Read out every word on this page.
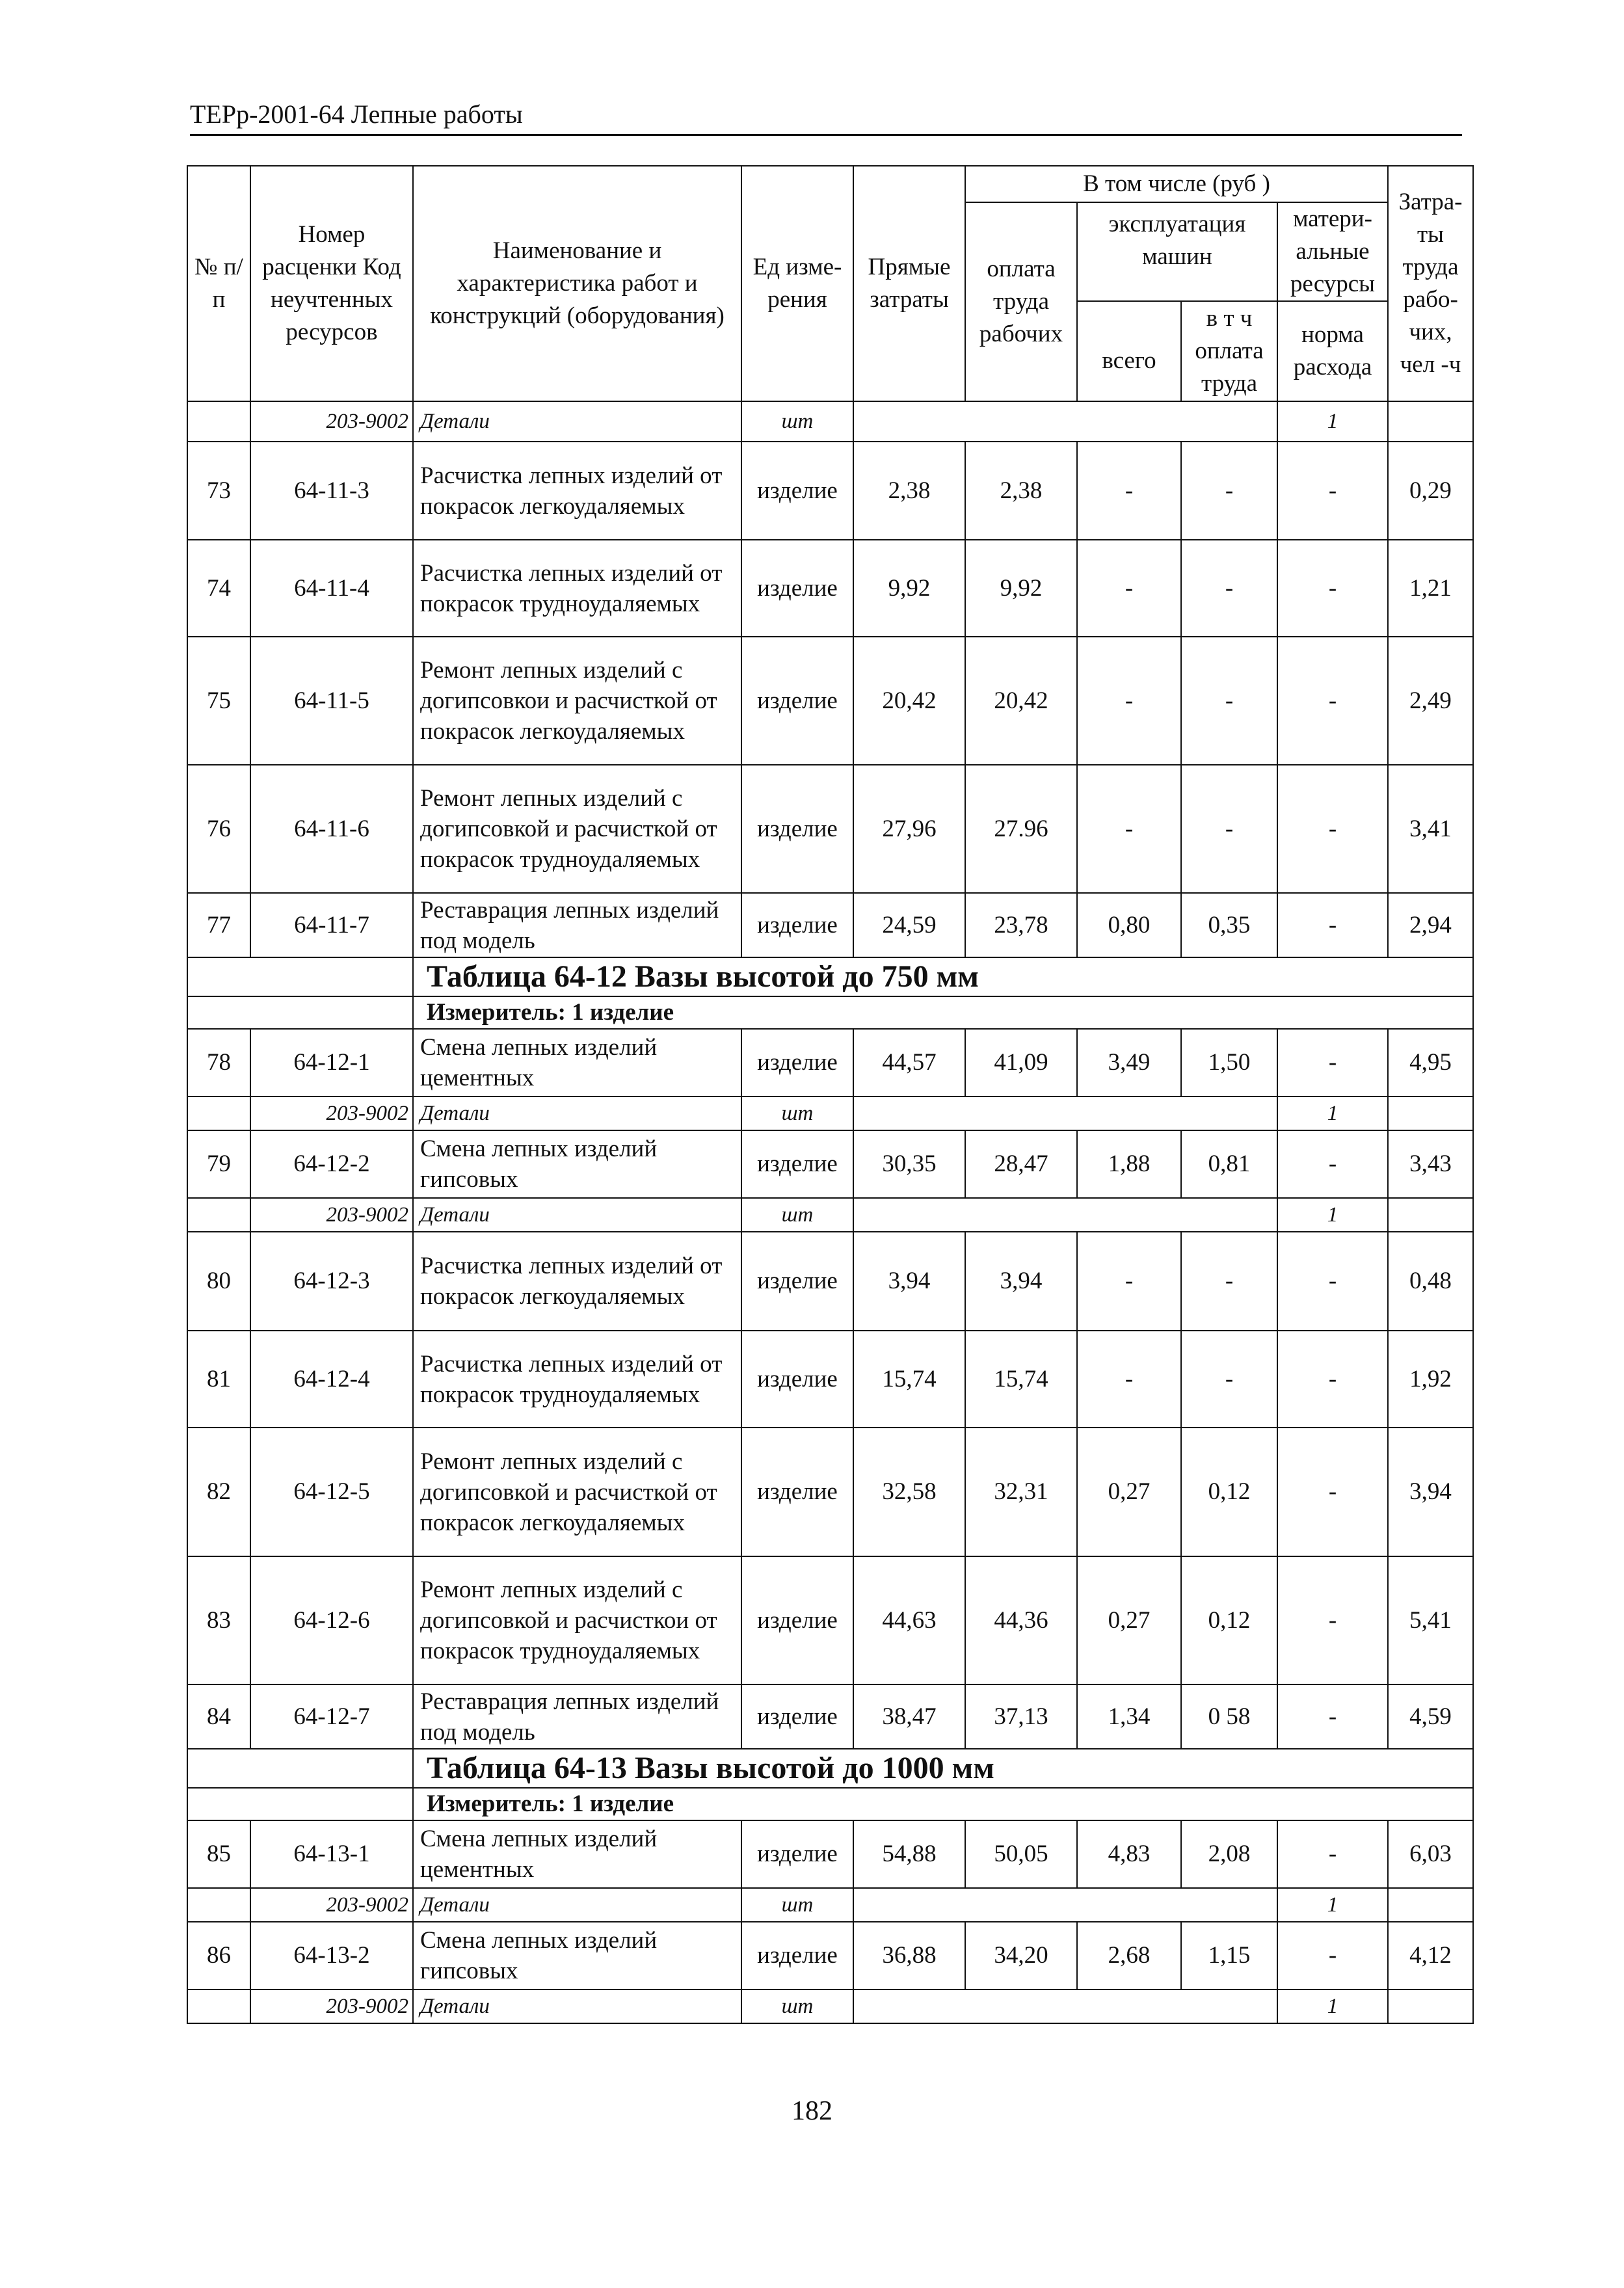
ТЕРр-2001-64 Лепные работы
№ п/п	Номер расценки Код неучтенных ресурсов	Наименование и характеристика работ и конструкций (оборудования)	Ед изме-рения	Прямые затраты	В том числе (руб )				Затра-ты труда рабо-чих, чел -ч
					оплата труда рабочих	эксплуатация машин		матери-альные ресурсы	
						всего	в т ч оплата труда	норма расхода	

	203-9002	Детали	шт					1	
73	64-11-3	Расчистка лепных изделий от покрасок легкоудаляемых	изделие	2,38	2,38	-	-	-	0,29
74	64-11-4	Расчистка лепных изделий от покрасок трудноудаляемых	изделие	9,92	9,92	-	-	-	1,21
75	64-11-5	Ремонт лепных изделий с догипсовкои и расчисткой от покрасок легкоудаляемых	изделие	20,42	20,42	-	-	-	2,49
76	64-11-6	Ремонт лепных изделий с догипсовкой и расчисткой от покрасок трудноудаляемых	изделие	27,96	27.96	-	-	-	3,41
77	64-11-7	Реставрация лепных изделий под модель	изделие	24,59	23,78	0,80	0,35	-	2,94
		Таблица 64-12 Вазы высотой до 750 мм							
		Измеритель: 1 изделие							
78	64-12-1	Смена лепных изделий цементных	изделие	44,57	41,09	3,49	1,50	-	4,95
	203-9002	Детали	шт					1	
79	64-12-2	Смена лепных изделий гипсовых	изделие	30,35	28,47	1,88	0,81	-	3,43
	203-9002	Детали	шт					1	
80	64-12-3	Расчистка лепных изделий от покрасок легкоудаляемых	изделие	3,94	3,94	-	-	-	0,48
81	64-12-4	Расчистка лепных изделий от покрасок трудноудаляемых	изделие	15,74	15,74	-	-	-	1,92
82	64-12-5	Ремонт лепных изделий с догипсовкой и расчисткой от покрасок легкоудаляемых	изделие	32,58	32,31	0,27	0,12	-	3,94
83	64-12-6	Ремонт лепных изделий с догипсовкой и расчисткои от покрасок трудноудаляемых	изделие	44,63	44,36	0,27	0,12	-	5,41
84	64-12-7	Реставрация лепных изделий под модель	изделие	38,47	37,13	1,34	0 58	-	4,59
		Таблица 64-13 Вазы высотой до 1000 мм							
		Измеритель: 1 изделие							
85	64-13-1	Смена лепных изделий цементных	изделие	54,88	50,05	4,83	2,08	-	6,03
	203-9002	Детали	шт					1	
86	64-13-2	Смена лепных изделий гипсовых	изделие	36,88	34,20	2,68	1,15	-	4,12
	203-9002	Детали	шт					1	
182
